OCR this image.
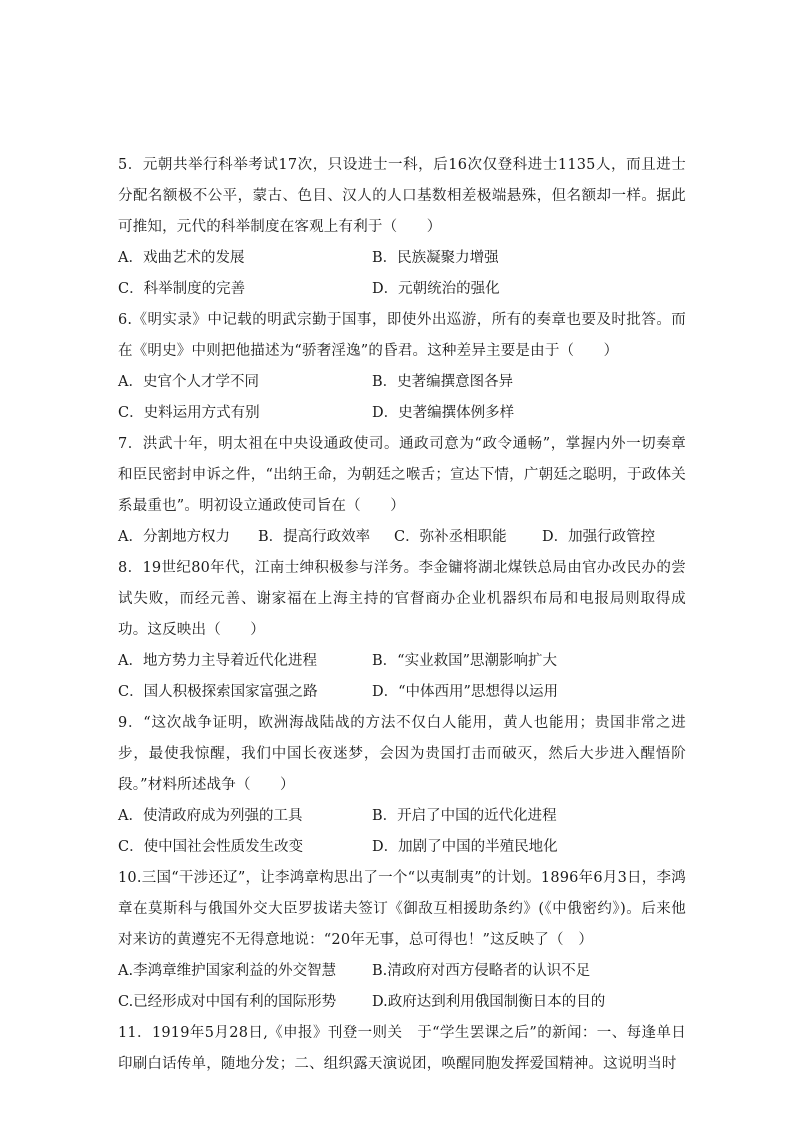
5．元朝共举行科举考试17次，只设进士一科，后16次仅登科进士1135人，而且进士分配名额极不公平，蒙古、色目、汉人的人口基数相差极端悬殊，但名额却一样。据此可推知，元代的科举制度在客观上有利于（　　）
A．戏曲艺术的发展	B．民族凝聚力增强
C．科举制度的完善	D．元朝统治的强化
6.《明实录》中记载的明武宗勤于国事，即使外出巡游，所有的奏章也要及时批答。而在《明史》中则把他描述为“骄奢淫逸”的昏君。这种差异主要是由于（　　）
A．史官个人才学不同	B．史著编撰意图各异
C．史料运用方式有别	D．史著编撰体例多样
7．洪武十年，明太祖在中央设通政使司。通政司意为“政令通畅”，掌握内外一切奏章和臣民密封申诉之件，“出纳王命，为朝廷之喉舌；宣达下情，广朝廷之聪明，于政体关系最重也”。明初设立通政使司旨在（　　）
A．分割地方权力	B．提高行政效率	C．弥补丞相职能	D．加强行政管控
8．19世纪80年代，江南士绅积极参与洋务。李金镛将湖北煤铁总局由官办改民办的尝试失败，而经元善、谢家福在上海主持的官督商办企业机器织布局和电报局则取得成功。这反映出（　　）
A．地方势力主导着近代化进程	B．“实业救国”思潮影响扩大
C．国人积极探索国家富强之路	D．“中体西用”思想得以运用
9．“这次战争证明，欧洲海战陆战的方法不仅白人能用，黄人也能用；贵国非常之进步，最使我惊醒，我们中国长夜迷梦，会因为贵国打击而破灭，然后大步进入醒悟阶段。”材料所述战争（　　）
A．使清政府成为列强的工具	B．开启了中国的近代化进程
C．使中国社会性质发生改变	D．加剧了中国的半殖民地化
10.三国“干涉还辽”，让李鸿章构思出了一个“以夷制夷”的计划。1896年6月3日，李鸿章在莫斯科与俄国外交大臣罗拔诺夫签订《御敌互相援助条约》(《中俄密约》)。后来他对来访的黄遵宪不无得意地说：“20年无事，总可得也！”这反映了（　）
A.李鸿章维护国家利益的外交智慧	B.清政府对西方侵略者的认识不足
C.已经形成对中国有利的国际形势	D.政府达到利用俄国制衡日本的目的
11．1919年5月28日,《申报》刊登一则关　于“学生罢课之后”的新闻：一、每逢单日印刷白话传单，随地分发；二、组织露天演说团，唤醒同胞发挥爱国精神。这说明当时
